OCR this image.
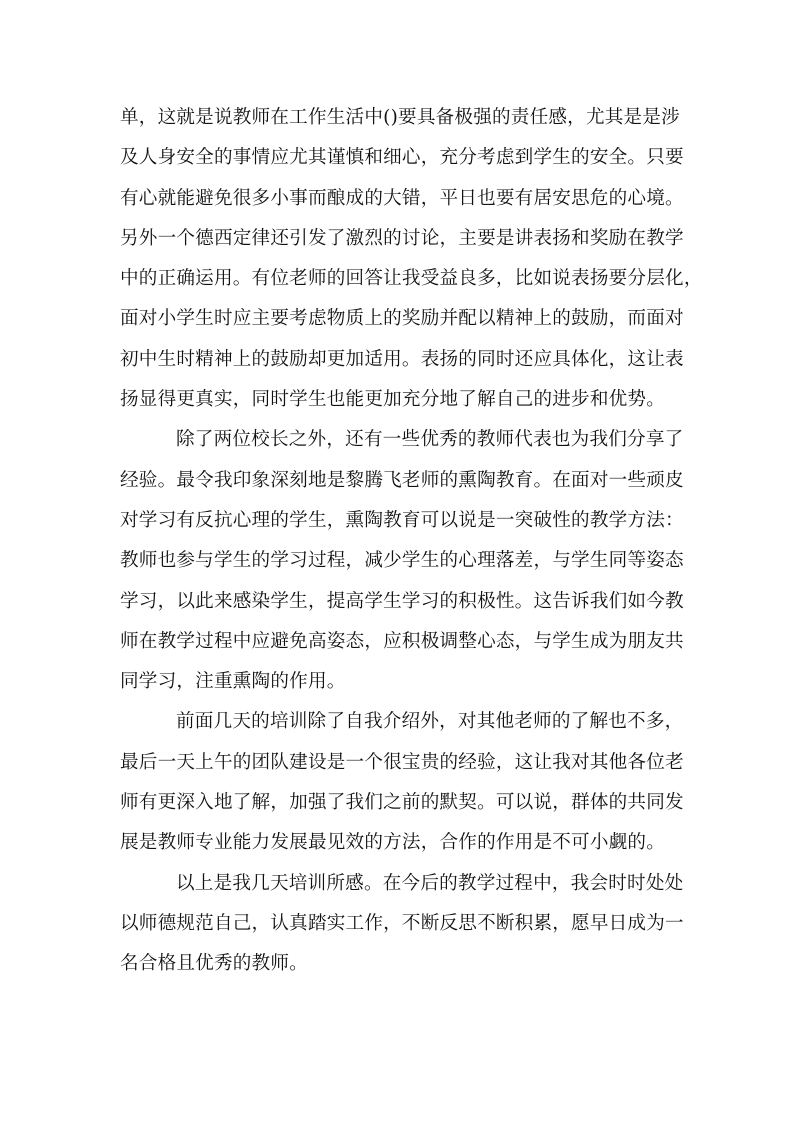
单，这就是说教师在工作生活中()要具备极强的责任感，尤其是是涉
及人身安全的事情应尤其谨慎和细心，充分考虑到学生的安全。只要
有心就能避免很多小事而酿成的大错，平日也要有居安思危的心境。
另外一个德西定律还引发了激烈的讨论，主要是讲表扬和奖励在教学
中的正确运用。有位老师的回答让我受益良多，比如说表扬要分层化，
面对小学生时应主要考虑物质上的奖励并配以精神上的鼓励，而面对
初中生时精神上的鼓励却更加适用。表扬的同时还应具体化，这让表
扬显得更真实，同时学生也能更加充分地了解自己的进步和优势。
除了两位校长之外，还有一些优秀的教师代表也为我们分享了
经验。最令我印象深刻地是黎腾飞老师的熏陶教育。在面对一些顽皮
对学习有反抗心理的学生，熏陶教育可以说是一突破性的教学方法：
教师也参与学生的学习过程，减少学生的心理落差，与学生同等姿态
学习，以此来感染学生，提高学生学习的积极性。这告诉我们如今教
师在教学过程中应避免高姿态，应积极调整心态，与学生成为朋友共
同学习，注重熏陶的作用。
前面几天的培训除了自我介绍外，对其他老师的了解也不多，
最后一天上午的团队建设是一个很宝贵的经验，这让我对其他各位老
师有更深入地了解，加强了我们之前的默契。可以说，群体的共同发
展是教师专业能力发展最见效的方法，合作的作用是不可小觑的。
以上是我几天培训所感。在今后的教学过程中，我会时时处处
以师德规范自己，认真踏实工作，不断反思不断积累，愿早日成为一
名合格且优秀的教师。
